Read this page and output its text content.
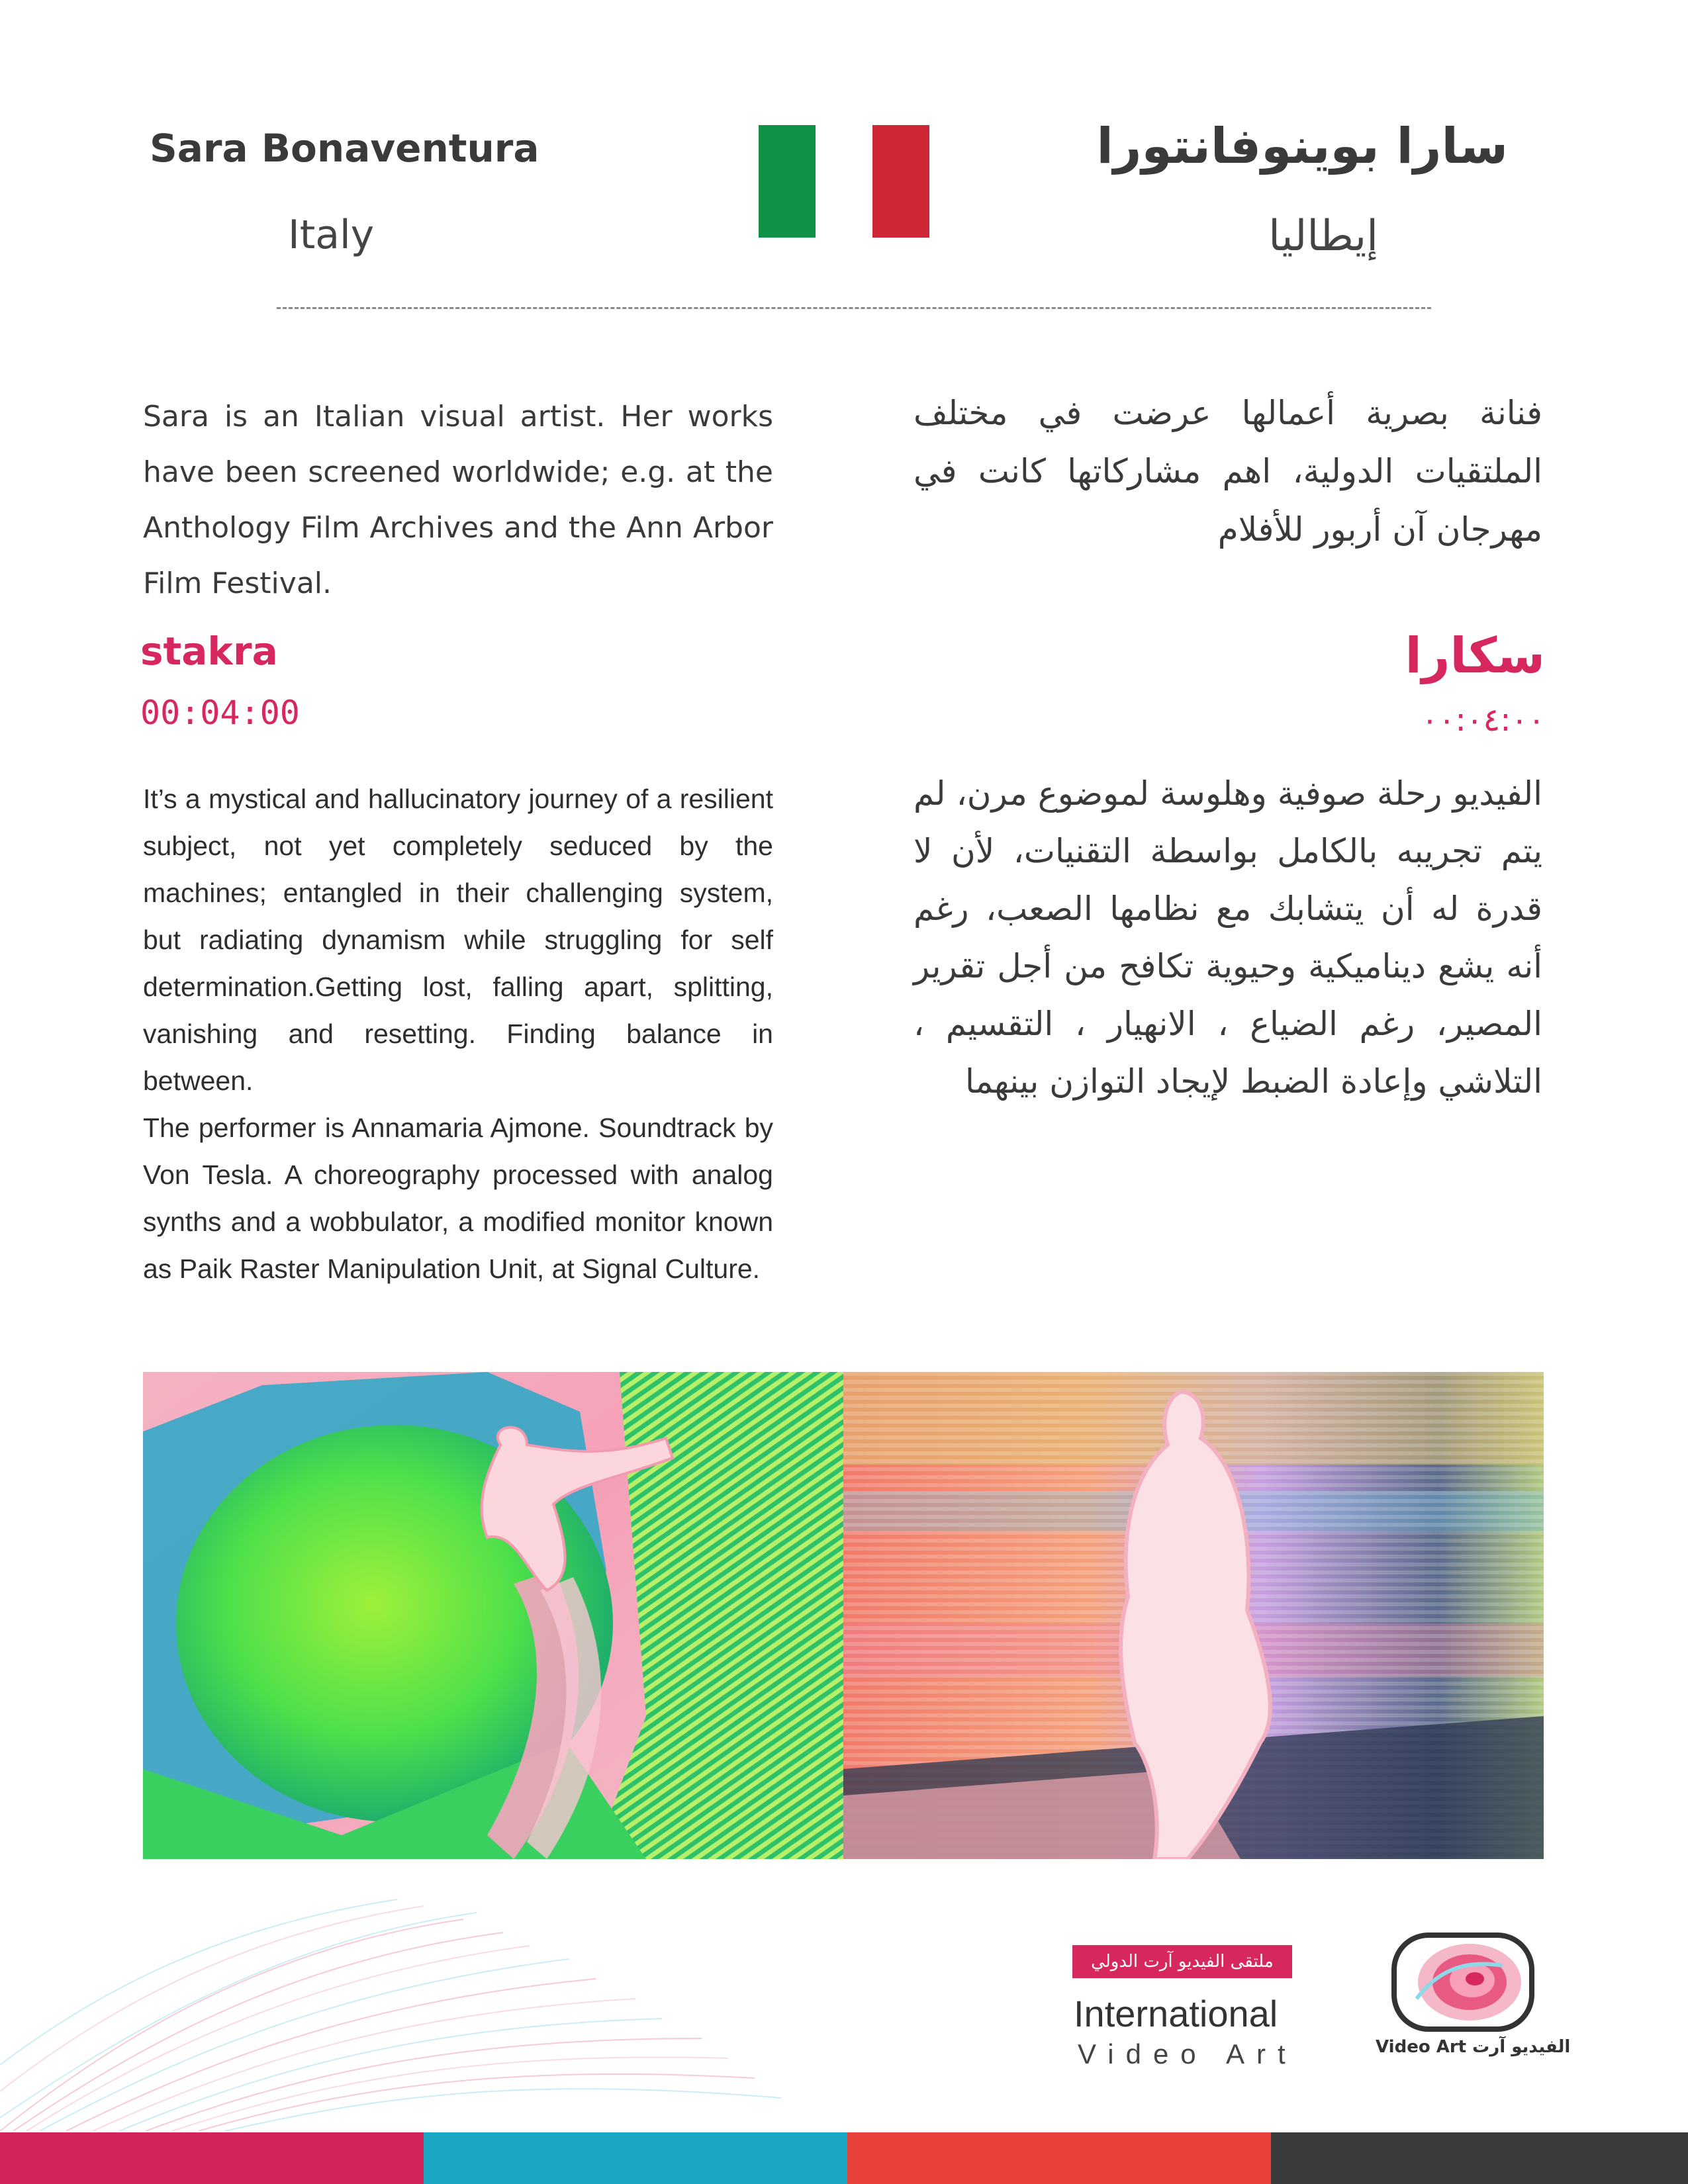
Sara Bonaventura
Italy
سارا بوينوفانتورا
إيطاليا
Sara is an Italian visual artist. Her works have been screened worldwide; e.g. at the Anthology Film Archives and the Ann Arbor Film Festival.
فنانة بصرية أعمالها عرضت في مختلف الملتقيات الدولية، اهم مشاركاتها كانت في مهرجان آن أربور للأفلام
stakra
00:04:00
سكارا
٠٠:٠٤:٠٠

It’s a mystical and hallucinatory journey of a resilient subject, not yet completely seduced by the machines; entangled in their challenging system, but radiating dynamism while struggling for self determination.Getting lost, falling apart, splitting, vanishing and resetting. Finding balance in between.

The performer is Annamaria Ajmone. Soundtrack by Von Tesla. A choreography processed with analog synths and a wobbulator, a modified monitor known as Paik Raster Manipulation Unit, at Signal Culture.

الفيديو رحلة صوفية وهلوسة لموضوع مرن، لم يتم تجريبه بالكامل بواسطة التقنيات، لأن لا قدرة له أن يتشابك مع نظامها الصعب، رغم أنه يشع ديناميكية وحيوية تكافح من أجل تقرير المصير، رغم الضياع ، الانهيار ، التقسيم ، التلاشي وإعادة الضبط لإيجاد التوازن بينهما
ملتقى الفيديو آرت الدولي
International
Video Art	Video Art الفيديو آرت
